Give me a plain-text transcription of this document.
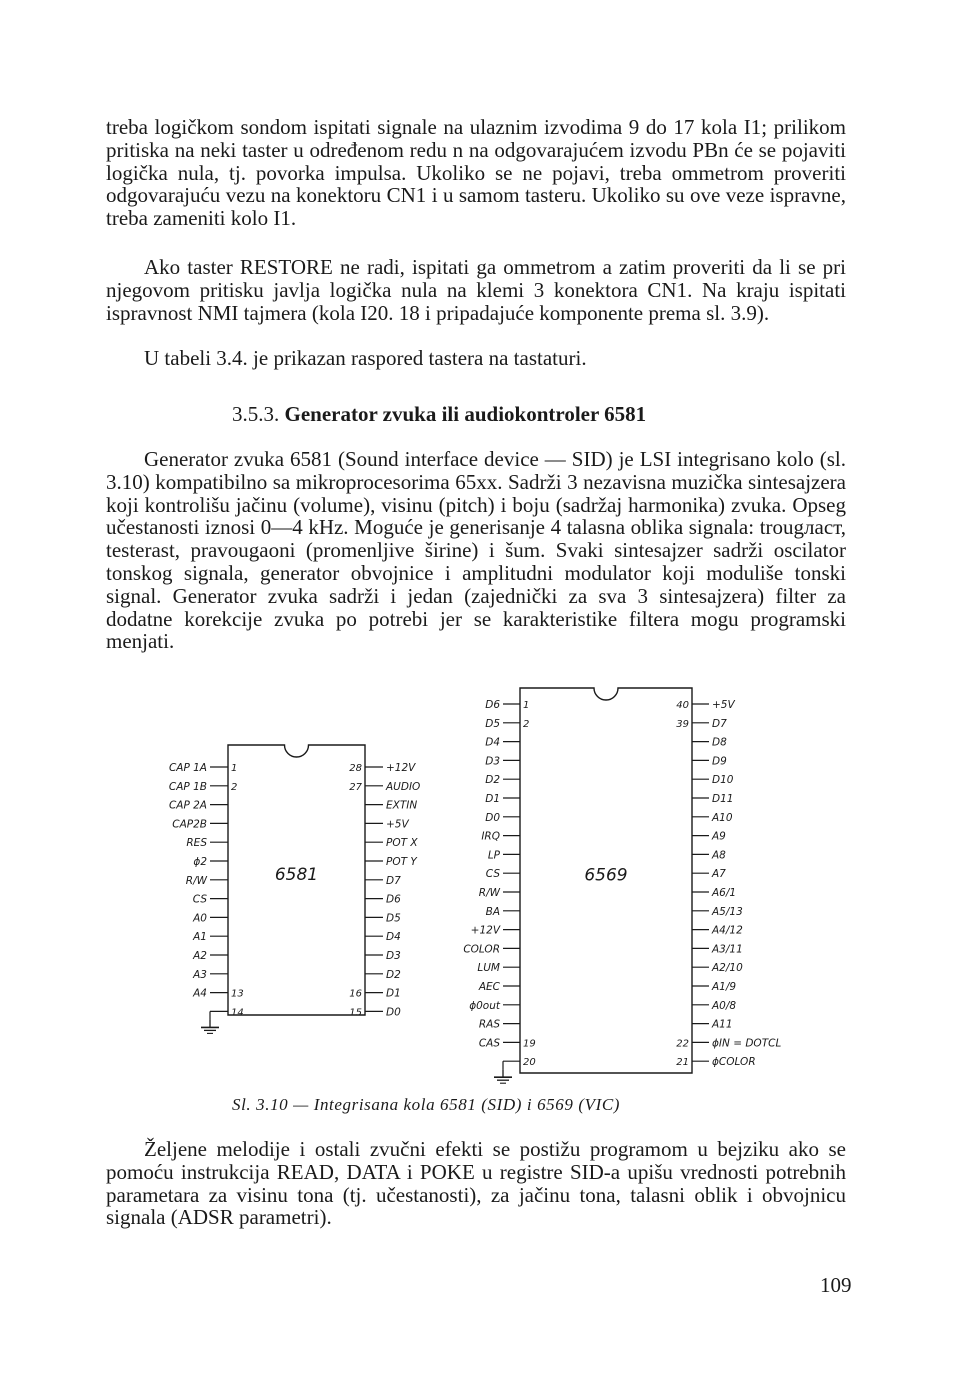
treba logičkom sondom ispitati signale na ulaznim izvodima 9 do 17 kola I1; prilikom pritiska na neki taster u određenom redu n na odgovarajućem izvodu PBn će se pojaviti logička nula, tj. povorka impulsa. Ukoliko se ne pojavi, treba ommetrom proveriti odgovarajuću vezu na konektoru CN1 i u samom tasteru. Ukoliko su ove veze ispravne, treba zameniti kolo I1.

Ako taster RESTORE ne radi, ispitati ga ommetrom a zatim proveriti da li se pri njegovom pritisku javlja logička nula na klemi 3 konektora CN1. Na kraju ispitati ispravnost NMI tajmera (kola I20. 18 i pripadajuće komponente prema sl. 3.9).

U tabeli 3.4. je prikazan raspored tastera na tastaturi.

3.5.3. Generator zvuka ili audiokontroler 6581

Generator zvuka 6581 (Sound interface device — SID) je LSI integrisano kolo (sl. 3.10) kompatibilno sa mikroprocesorima 65xx. Sadrži 3 nezavisna muzička sintesajzera koji kontrolišu jačinu (volume), visinu (pitch) i boju (sadržaj harmonika) zvuka. Opseg učestanosti iznosi 0—4 kHz. Moguće je generisanje 4 talasna oblika signala: trougласт, testerast, pravougaoni (promenljive širine) i šum. Svaki sintesajzer sadrži oscilator tonskog signala, generator obvojnice i amplitudni modulator koji moduliše tonski signal. Generator zvuka sadrži i jedan (zajednički za sva 3 sintesajzera) filter za dodatne korekcije zvuka po potrebi jer se karakteristike filtera mogu programski menjati.

6581
CAP 1A 1
CAP 1B 2
CAP 2A
CAP2B
RES
ϕ2
R/W
CS
A0
A1
A2
A3
A4 13
14
+12V
28
AUDIO
27
EXTIN
+5V
POT X
POT Y
D7
D6
D5
D4
D3
D2
D1
16
D0
15
6569
D6 1
D5 2
D4
D3
D2
D1
D0
IRQ
LP
CS
R/W
BA
+12V
COLOR
LUM
AEC
ϕ0out
RAS
CAS 19
20
+5V
40
D7
39
D8
D9
D10
D11
A10
A9
A8
A7
A6/1
A5/13
A4/12
A3/11
A2/10
A1/9
A0/8
A11
ϕIN = DOTCL
22
ϕCOLOR
21

Sl. 3.10 — Integrisana kola 6581 (SID) i 6569 (VIC)

Željene melodije i ostali zvučni efekti se postižu programom u bejziku ako se pomoću instrukcija READ, DATA i POKE u registre SID-a upišu vrednosti potrebnih parametara za visinu tona (tj. učestanosti), za jačinu tona, talasni oblik i obvojnicu signala (ADSR parametri).

109
